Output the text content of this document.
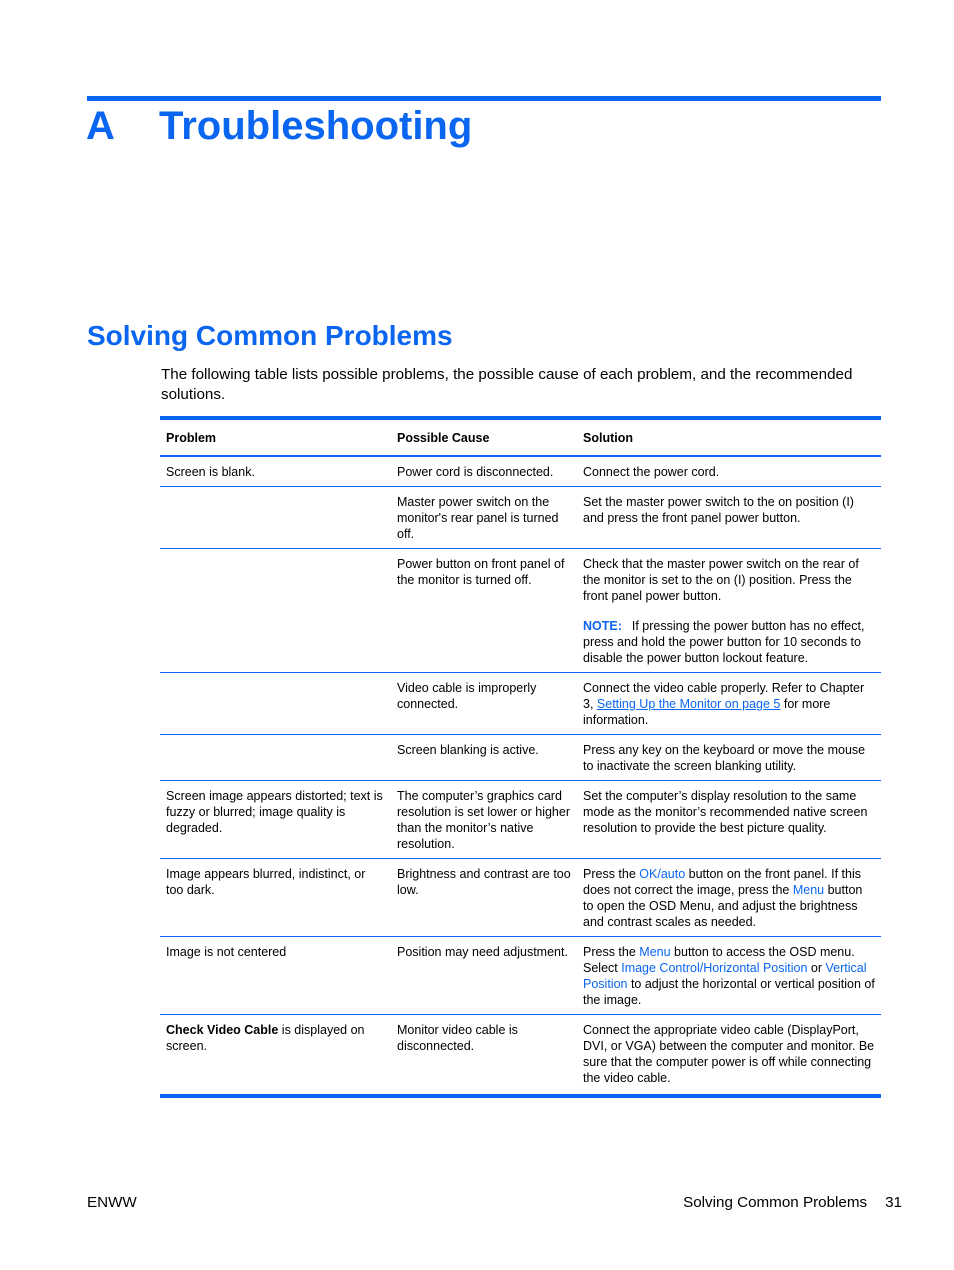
A Troubleshooting
Solving Common Problems

The following table lists possible problems, the possible cause of each problem, and the recommended solutions.

Problem	Possible Cause	Solution
Screen is blank.	Power cord is disconnected.	Connect the power cord.
	Master power switch on the monitor's rear panel is turned off.	Set the master power switch to the on position (I) and press the front panel power button.
	Power button on front panel of the monitor is turned off.	Check that the master power switch on the rear of the monitor is set to the on (I) position. Press the front panel power button.
NOTE: If pressing the power button has no effect, press and hold the power button for 10 seconds to disable the power button lockout feature.

	Video cable is improperly connected.	Connect the video cable properly. Refer to Chapter 3, Setting Up the Monitor on page 5 for more information.
	Screen blanking is active.	Press any key on the keyboard or move the mouse to inactivate the screen blanking utility.
Screen image appears distorted; text is fuzzy or blurred; image quality is degraded.	The computer’s graphics card resolution is set lower or higher than the monitor’s native resolution.	Set the computer’s display resolution to the same mode as the monitor’s recommended native screen resolution to provide the best picture quality.
Image appears blurred, indistinct, or too dark.	Brightness and contrast are too low.	Press the OK/auto button on the front panel. If this does not correct the image, press the Menu button to open the OSD Menu, and adjust the brightness and contrast scales as needed.
Image is not centered	Position may need adjustment.	Press the Menu button to access the OSD menu. Select Image Control/Horizontal Position or Vertical Position to adjust the horizontal or vertical position of the image.
Check Video Cable is displayed on screen.	Monitor video cable is disconnected.	Connect the appropriate video cable (DisplayPort, DVI, or VGA) between the computer and monitor. Be sure that the computer power is off while connecting the video cable.
ENWW	Solving Common Problems 31
